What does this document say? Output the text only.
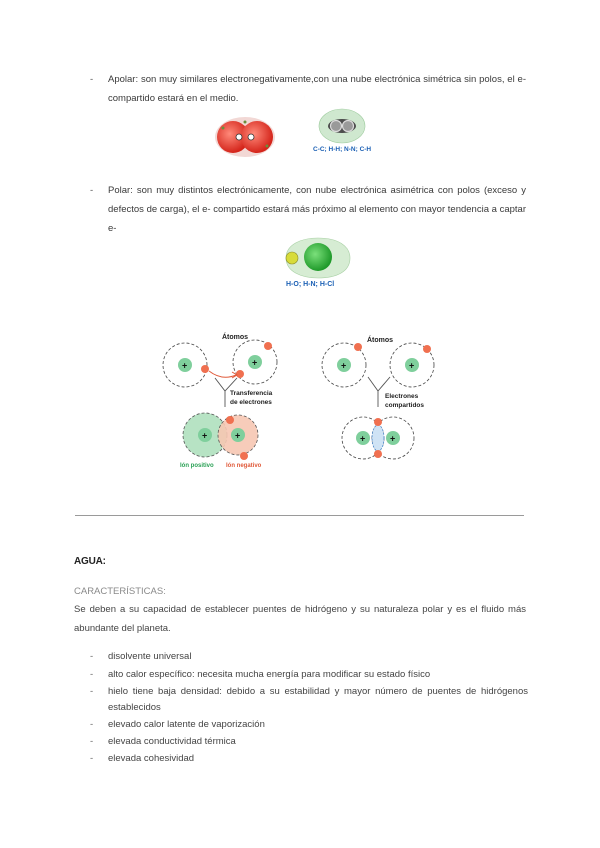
- Apolar: son muy similares electronegativamente,con una nube electrónica simétrica sin polos, el e- compartido estará en el medio.
C-C; H-H; N-N; C-H
- Polar: son muy distintos electrónicamente, con nube electrónica asimétrica con polos (exceso y defectos de carga), el e- compartido estará más próximo al elemento con mayor tendencia a captar e-
H-O; H-N; H-Cl
Átomos
+	+
Transferencia
de electrones
+	+
Ión positivo Ión negativo
Átomos
+	+
Electrones
compartidos
+	+
AGUA:
CARACTERÍSTICAS:
Se deben a su capacidad de establecer puentes de hidrógeno y su naturaleza polar y es el fluido más abundante del planeta.
- disolvente universal
- alto calor específico: necesita mucha energía para modificar su estado físico
- hielo tiene baja densidad: debido a su estabilidad y mayor número de puentes de hidrógenos establecidos
- elevado calor latente de vaporización
- elevada conductividad térmica
- elevada cohesividad
